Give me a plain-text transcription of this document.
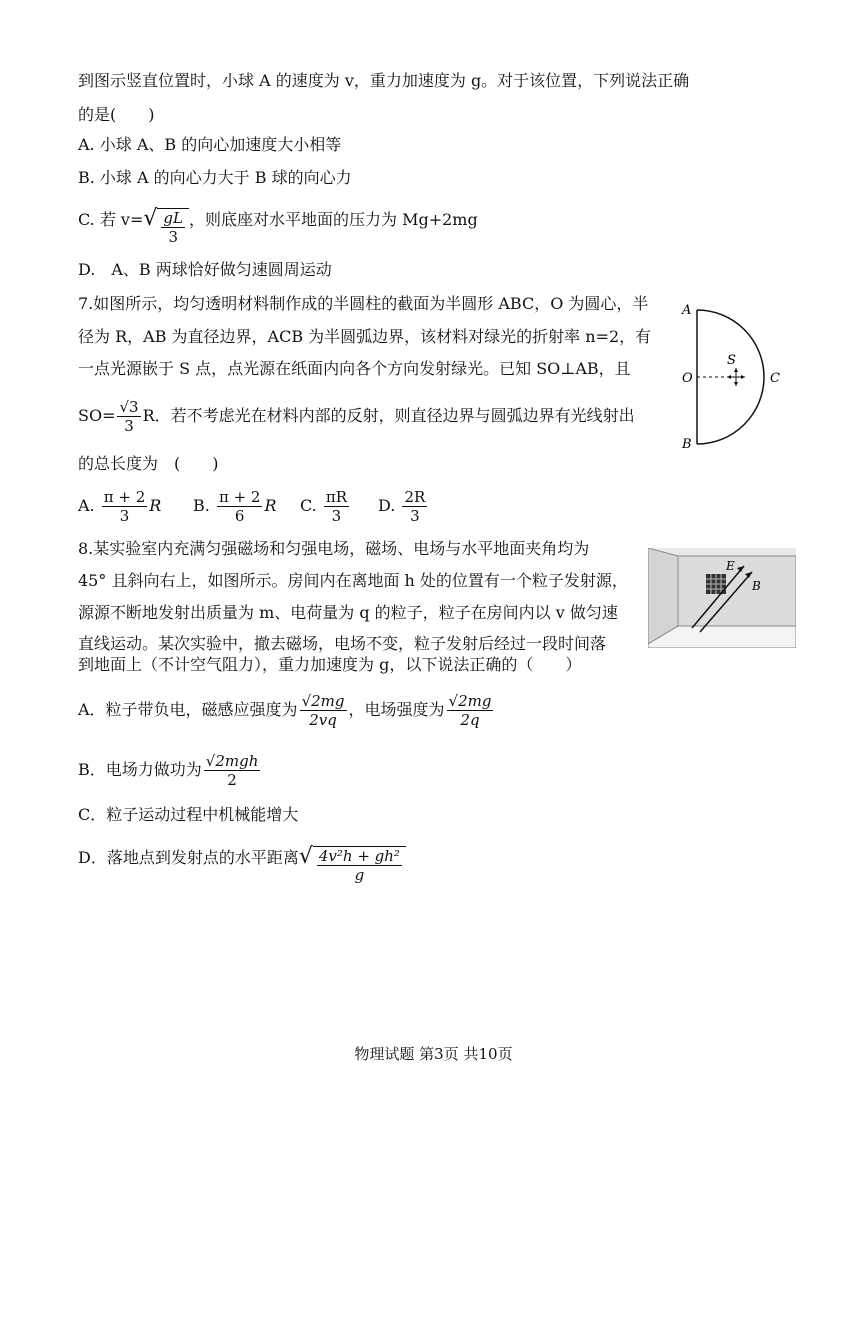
到图示竖直位置时，小球 A 的速度为 v，重力加速度为 g。对于该位置，下列说法正确
的是(　　)
A. 小球 A、B 的向心加速度大小相等
B. 小球 A 的向心力大于 B 球的向心力
C. 若 v= √ $\frac{gL}{3}$ ，则底座对水平地面的压力为 Mg+2mg
D.　A、B 两球恰好做匀速圆周运动
7.如图所示，均匀透明材料制作成的半圆柱的截面为半圆形 ABC，O 为圆心，半
径为 R，AB 为直径边界，ACB 为半圆弧边界，该材料对绿光的折射率 n=2，有
一点光源嵌于 S 点，点光源在纸面内向各个方向发射绿光。已知 SO⊥AB，且
$SO= \frac{√3}{3}$ R．若不考虑光在材料内部的反射，则直径边界与圆弧边界有光线射出
的总长度为　(　　)
A. $\frac{\pi + 2}{3}$ R B. $\frac{\pi + 2}{6}$ R C. $\frac{\pi R}{3} D$. $\frac{2R}{3}$
A
B
O	C
S
8.某实验室内充满匀强磁场和匀强电场，磁场、电场与水平地面夹角均为
45° 且斜向右上，如图所示。房间内在离地面 h 处的位置有一个粒子发射源，
源源不断地发射出质量为 m、电荷量为 q 的粒子，粒子在房间内以 v 做匀速
直线运动。某次实验中，撤去磁场，电场不变，粒子发射后经过一段时间落
到地面上（不计空气阻力），重力加速度为 g，以下说法正确的（　　）
E
B
A．粒子带负电，磁感应强度为 $\frac{√2mg}{2vq}$ ，电场强度为 $\frac{√2mg}{2q}$
B．电场力做功为 $\frac{\text{√2mgh}}{2}$
C．粒子运动过程中机械能增大
D．落地点到发射点的水平距离 √ $\frac{\text{4v²h + gh²}}{g}$
物理试题 第3页 共10页
